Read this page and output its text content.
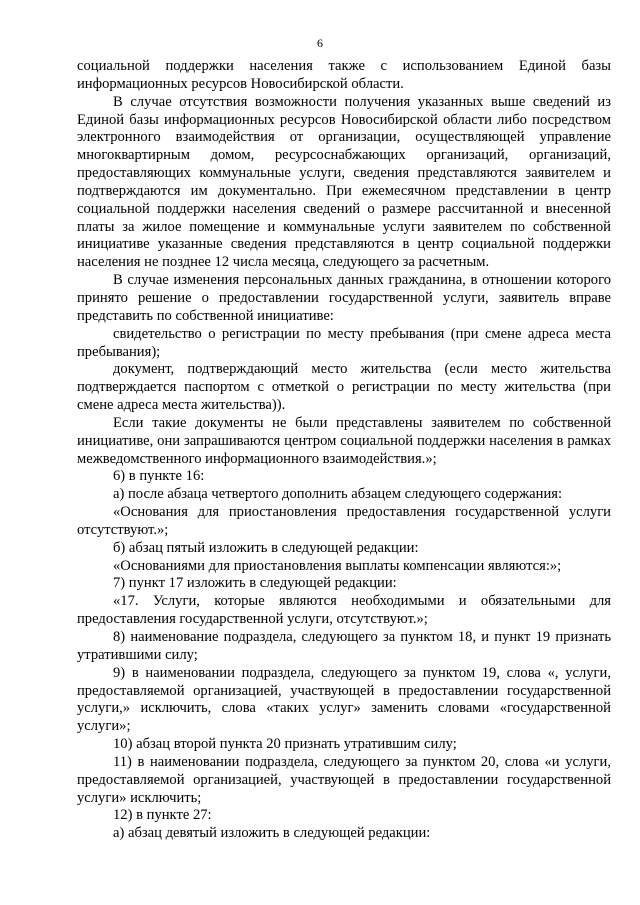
6

социальной поддержки населения также с использованием Единой базы информационных ресурсов Новосибирской области.

В случае отсутствия возможности получения указанных выше сведений из Единой базы информационных ресурсов Новосибирской области либо посредством электронного взаимодействия от организации, осуществляющей управление многоквартирным домом, ресурсоснабжающих организаций, организаций, предоставляющих коммунальные услуги, сведения представляются заявителем и подтверждаются им документально. При ежемесячном представлении в центр социальной поддержки населения сведений о размере рассчитанной и внесенной платы за жилое помещение и коммунальные услуги заявителем по собственной инициативе указанные сведения представляются в центр социальной поддержки населения не позднее 12 числа месяца, следующего за расчетным.

В случае изменения персональных данных гражданина, в отношении которого принято решение о предоставлении государственной услуги, заявитель вправе представить по собственной инициативе:

свидетельство о регистрации по месту пребывания (при смене адреса места пребывания);

документ, подтверждающий место жительства (если место жительства подтверждается паспортом с отметкой о регистрации по месту жительства (при смене адреса места жительства)).

Если такие документы не были представлены заявителем по собственной инициативе, они запрашиваются центром социальной поддержки населения в рамках межведомственного информационного взаимодействия.»;

6) в пункте 16:

а) после абзаца четвертого дополнить абзацем следующего содержания:

«Основания для приостановления предоставления государственной услуги отсутствуют.»;

б) абзац пятый изложить в следующей редакции:

«Основаниями для приостановления выплаты компенсации являются:»;

7) пункт 17 изложить в следующей редакции:

«17. Услуги, которые являются необходимыми и обязательными для предоставления государственной услуги, отсутствуют.»;

8) наименование подраздела, следующего за пунктом 18, и пункт 19 признать утратившими силу;

9) в наименовании подраздела, следующего за пунктом 19, слова «, услуги, предоставляемой организацией, участвующей в предоставлении государственной услуги,» исключить, слова «таких услуг» заменить словами «государственной услуги»;

10) абзац второй пункта 20 признать утратившим силу;

11) в наименовании подраздела, следующего за пунктом 20, слова «и услуги, предоставляемой организацией, участвующей в предоставлении государственной услуги» исключить;

12) в пункте 27:

а) абзац девятый изложить в следующей редакции:
